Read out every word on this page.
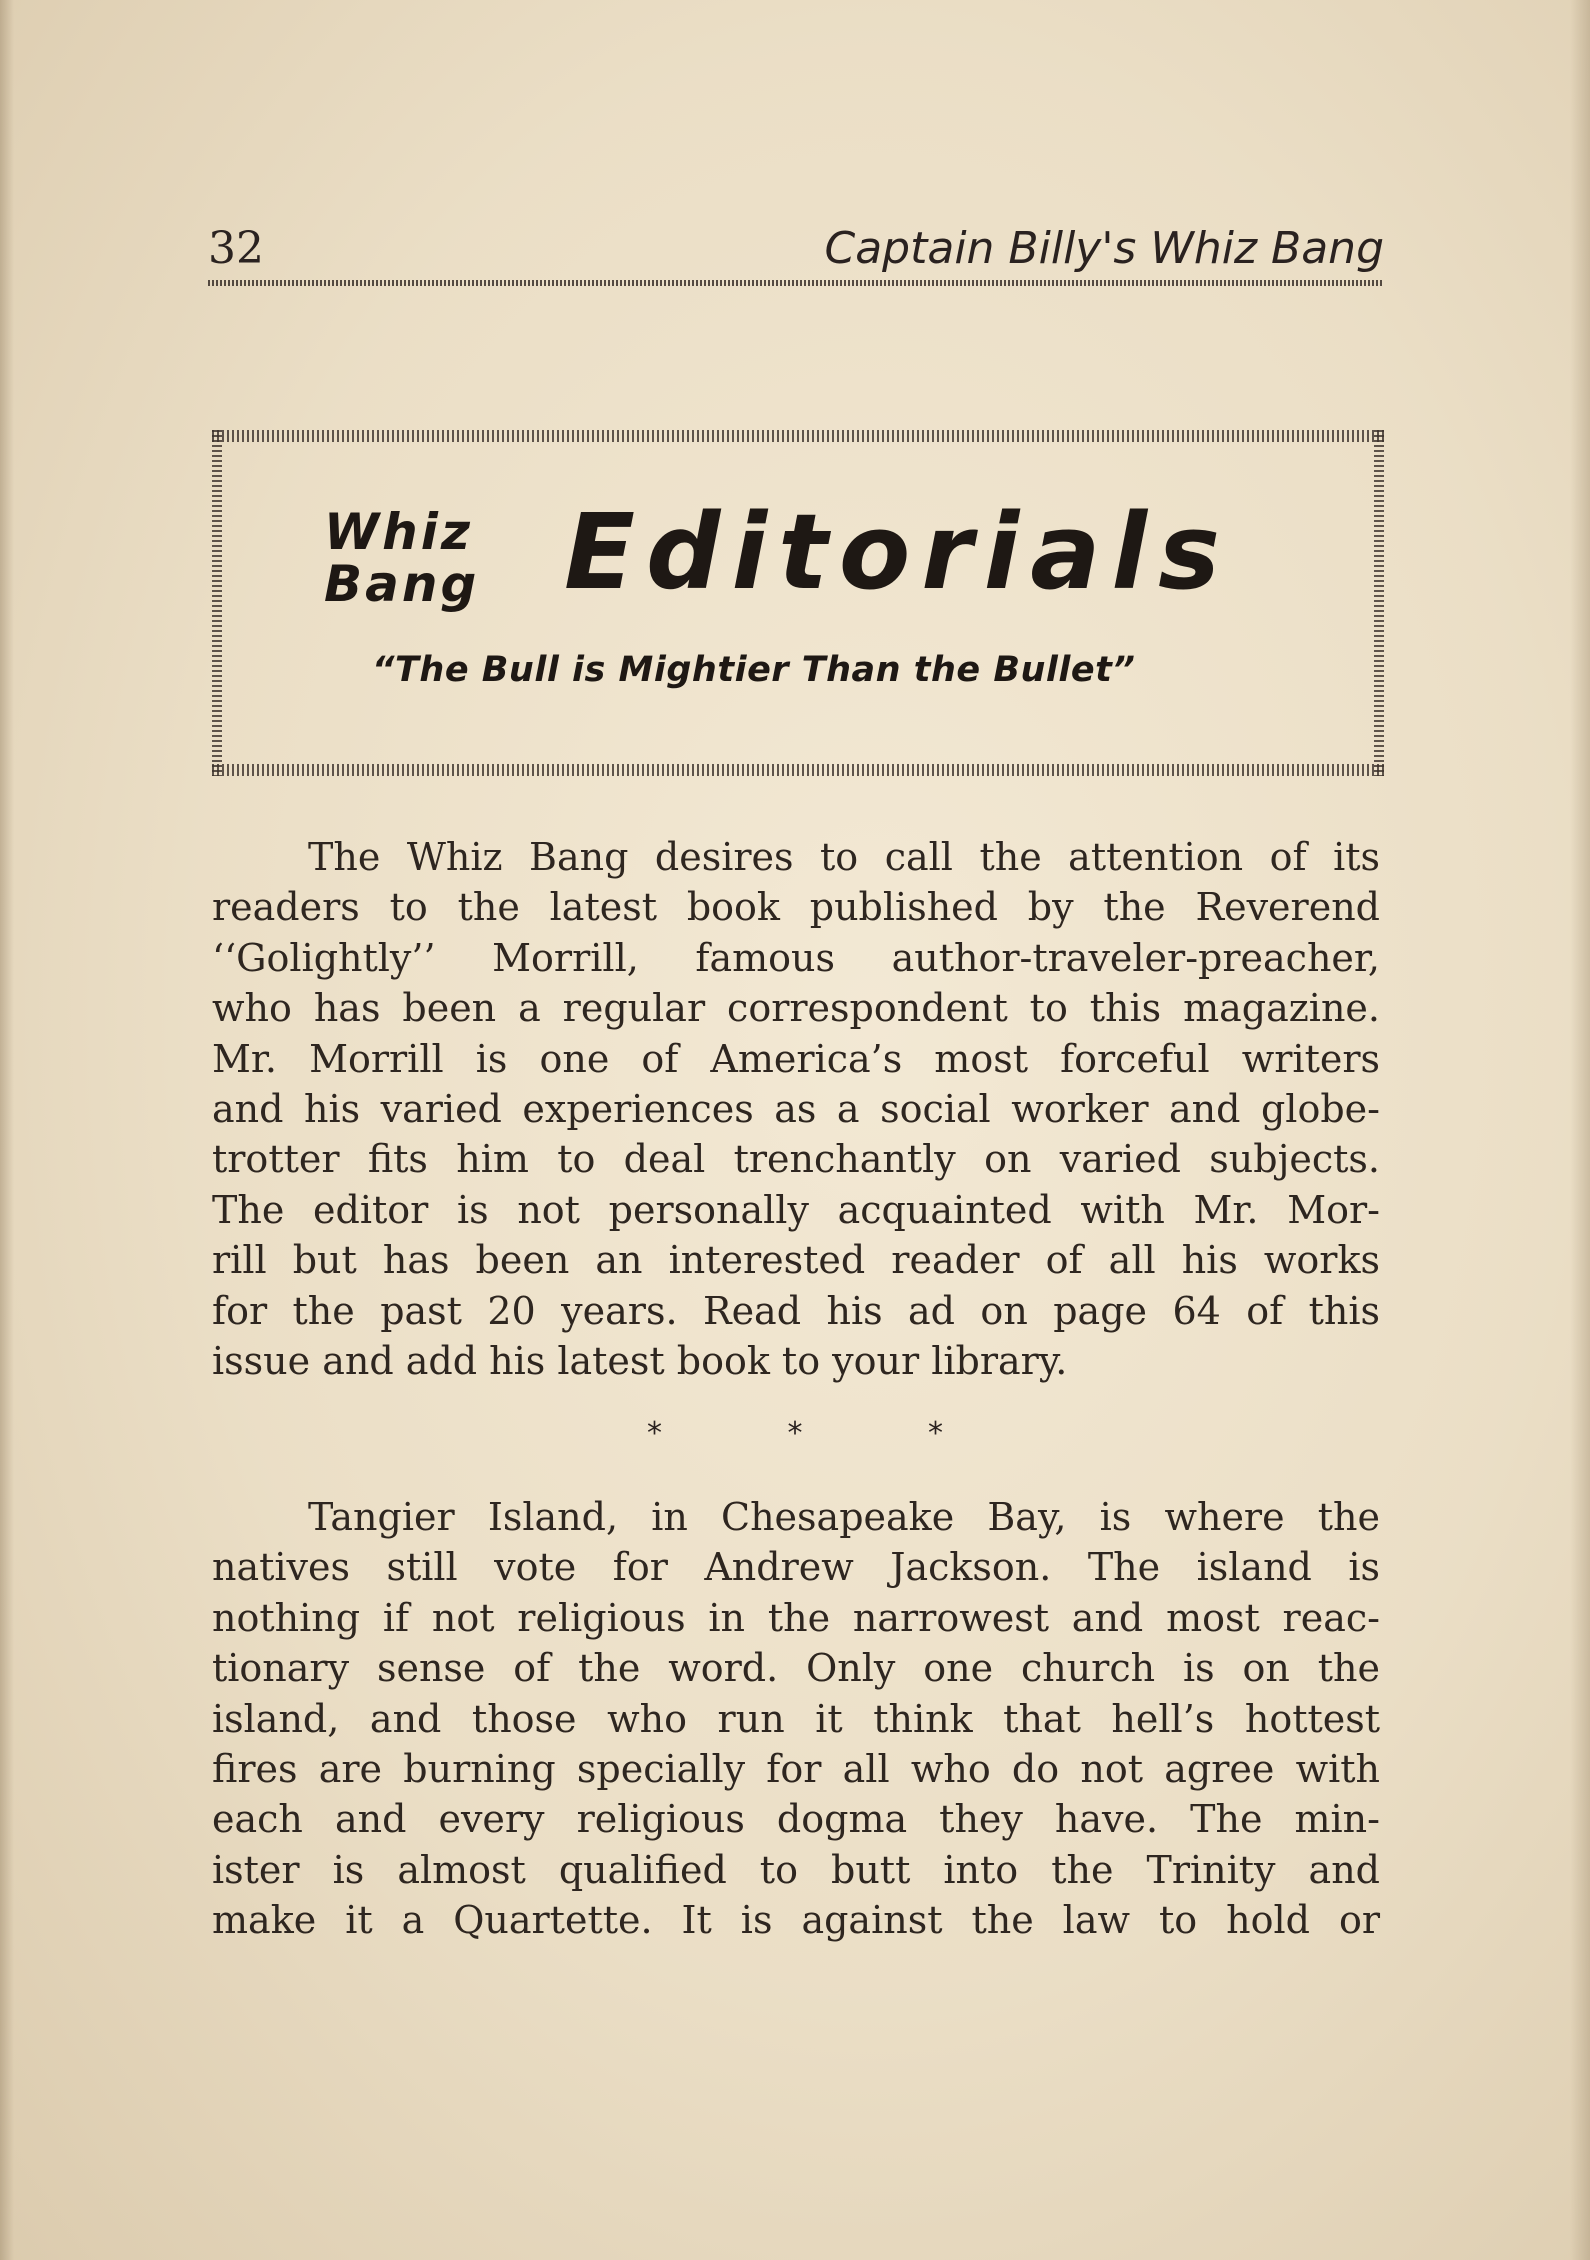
32	Captain Billy's Whiz Bang
Whiz
Bang Editorials
“The Bull is Mightier Than the Bullet”

The Whiz Bang desires to call the attention of its
readers to the latest book published by the Reverend
‘‘Golightly’’ Morrill, famous author-traveler-preacher,
who has been a regular correspondent to this magazine.
Mr. Morrill is one of America’s most forceful writers
and his varied experiences as a social worker and globe-
trotter fits him to deal trenchantly on varied subjects.
The editor is not personally acquainted with Mr. Mor-
rill but has been an interested reader of all his works
for the past 20 years. Read his ad on page 64 of this
issue and add his latest book to your library.

* * *

Tangier Island, in Chesapeake Bay, is where the
natives still vote for Andrew Jackson. The island is
nothing if not religious in the narrowest and most reac-
tionary sense of the word. Only one church is on the
island, and those who run it think that hell’s hottest
fires are burning specially for all who do not agree with
each and every religious dogma they have. The min-
ister is almost qualified to butt into the Trinity and
make it a Quartette. It is against the law to hold or
